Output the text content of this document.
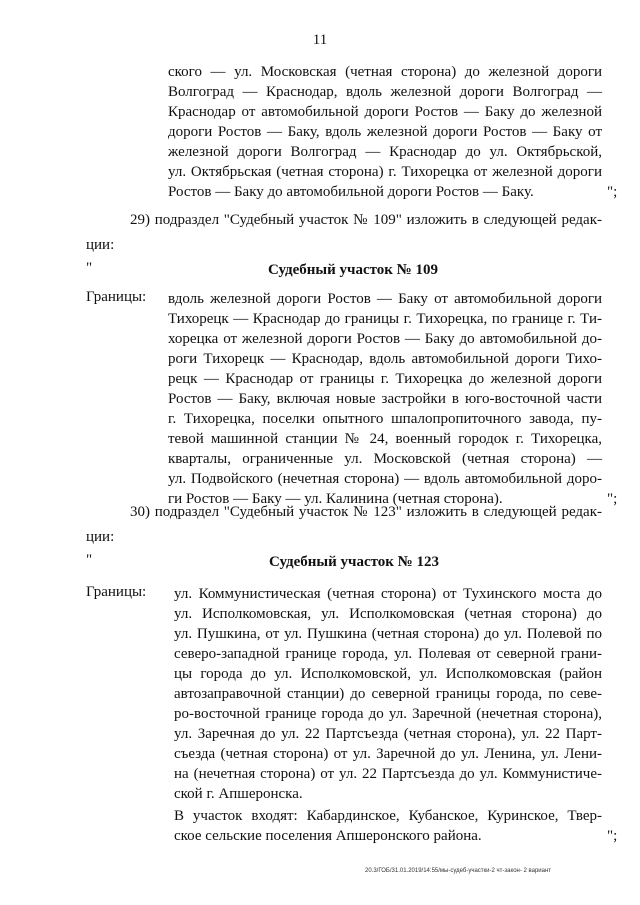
11
ского — ул. Московская (четная сторона) до железной дороги
Волгоград — Краснодар, вдоль железной дороги Волгоград —
Краснодар от автомобильной дороги Ростов — Баку до железной
дороги Ростов — Баку, вдоль железной дороги Ростов — Баку от
железной дороги Волгоград — Краснодар до ул. Октябрьской,
ул. Октябрьская (четная сторона) г. Тихорецка от железной дороги
Ростов — Баку до автомобильной дороги Ростов — Баку.	";
29) подраздел "Судебный участок № 109" изложить в следующей редак-
ции:
"	Судебный участок № 109
Границы: вдоль железной дороги Ростов — Баку от автомобильной дороги
Тихорецк — Краснодар до границы г. Тихорецка, по границе г. Ти-
хорецка от железной дороги Ростов — Баку до автомобильной до-
роги Тихорецк — Краснодар, вдоль автомобильной дороги Тихо-
рецк — Краснодар от границы г. Тихорецка до железной дороги
Ростов — Баку, включая новые застройки в юго-восточной части
г. Тихорецка, поселки опытного шпалопропиточного завода, пу-
тевой машинной станции № 24, военный городок г. Тихорецка,
кварталы, ограниченные ул. Московской (четная сторона) —
ул. Подвойского (нечетная сторона) — вдоль автомобильной доро-
ги Ростов — Баку — ул. Калинина (четная сторона).	";
30) подраздел "Судебный участок № 123" изложить в следующей редак-
ции:
"	Судебный участок № 123
Границы: ул. Коммунистическая (четная сторона) от Тухинского моста до
ул. Исполкомовская, ул. Исполкомовская (четная сторона) до
ул. Пушкина, от ул. Пушкина (четная сторона) до ул. Полевой по
северо-западной границе города, ул. Полевая от северной грани-
цы города до ул. Исполкомовской, ул. Исполкомовская (район
автозаправочной станции) до северной границы города, по севе-
ро-восточной границе города до ул. Заречной (нечетная сторона),
ул. Заречная до ул. 22 Партсъезда (четная сторона), ул. 22 Парт-
съезда (четная сторона) от ул. Заречной до ул. Ленина, ул. Лени-
на (нечетная сторона) от ул. 22 Партсъезда до ул. Коммунистиче-
ской г. Апшеронска.
В участок входят: Кабардинское, Кубанское, Куринское, Твер-
ское сельские поселения Апшеронского района.	";
20.3/ГОБ/31.01.2019/14:55/мы-судеб-участки-2 чт-закон- 2 вариант
